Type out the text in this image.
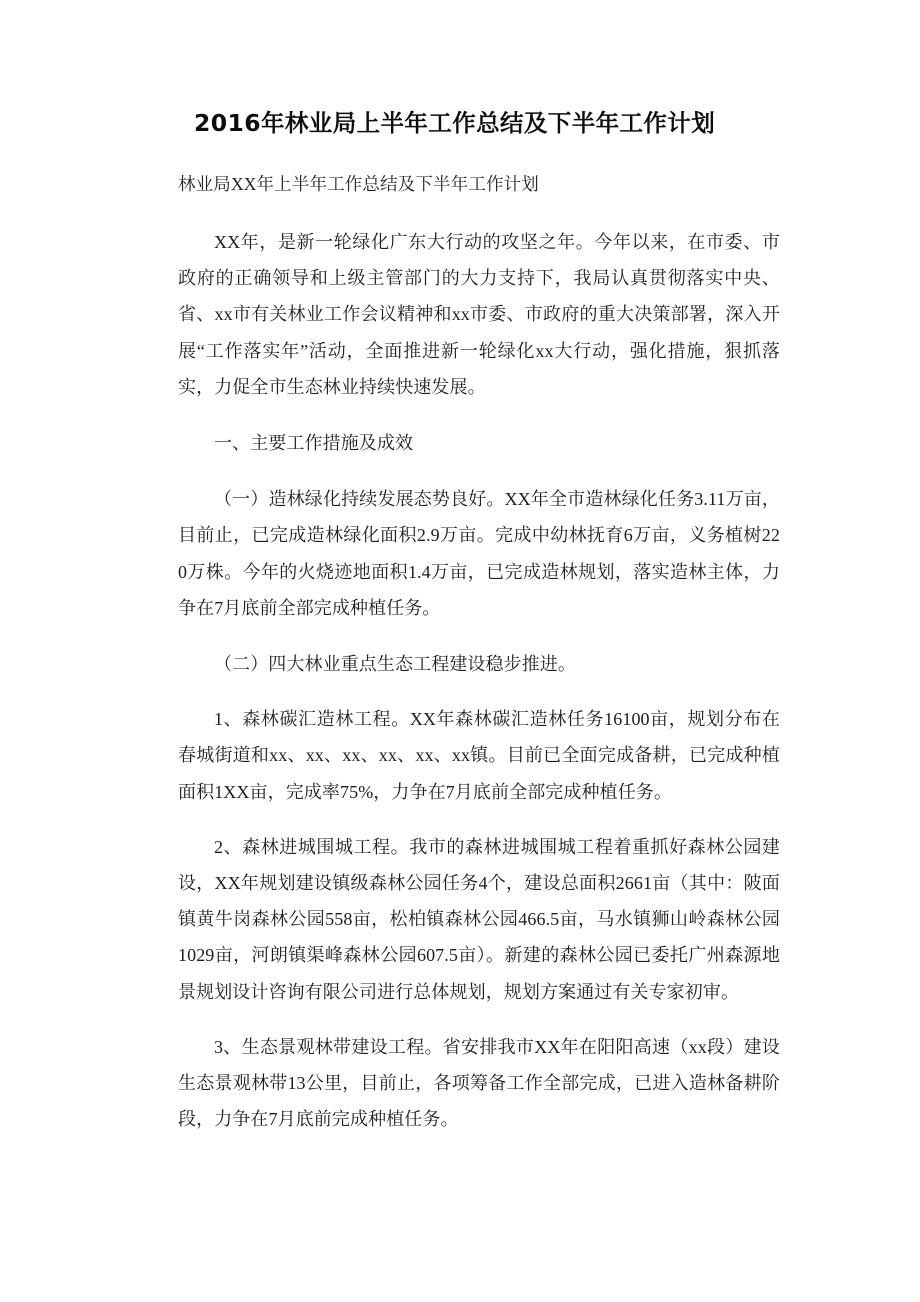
2016年林业局上半年工作总结及下半年工作计划

林业局XX年上半年工作总结及下半年工作计划

XX年，是新一轮绿化广东大行动的攻坚之年。今年以来，在市委、市政府的正确领导和上级主管部门的大力支持下，我局认真贯彻落实中央、省、xx市有关林业工作会议精神和xx市委、市政府的重大决策部署，深入开展“工作落实年”活动，全面推进新一轮绿化xx大行动，强化措施，狠抓落实，力促全市生态林业持续快速发展。

一、主要工作措施及成效

（一）造林绿化持续发展态势良好。XX年全市造林绿化任务3.11万亩，目前止，已完成造林绿化面积2.9万亩。完成中幼林抚育6万亩，义务植树220万株。今年的火烧迹地面积1.4万亩，已完成造林规划，落实造林主体，力争在7月底前全部完成种植任务。

（二）四大林业重点生态工程建设稳步推进。

1、森林碳汇造林工程。XX年森林碳汇造林任务16100亩，规划分布在春城街道和xx、xx、xx、xx、xx、xx镇。目前已全面完成备耕，已完成种植面积1XX亩，完成率75%，力争在7月底前全部完成种植任务。

2、森林进城围城工程。我市的森林进城围城工程着重抓好森林公园建设，XX年规划建设镇级森林公园任务4个，建设总面积2661亩（其中：陂面镇黄牛岗森林公园558亩，松柏镇森林公园466.5亩，马水镇狮山岭森林公园1029亩，河朗镇渠峰森林公园607.5亩）。新建的森林公园已委托广州森源地景规划设计咨询有限公司进行总体规划，规划方案通过有关专家初审。

3、生态景观林带建设工程。省安排我市XX年在阳阳高速（xx段）建设生态景观林带13公里，目前止，各项筹备工作全部完成，已进入造林备耕阶段，力争在7月底前完成种植任务。
